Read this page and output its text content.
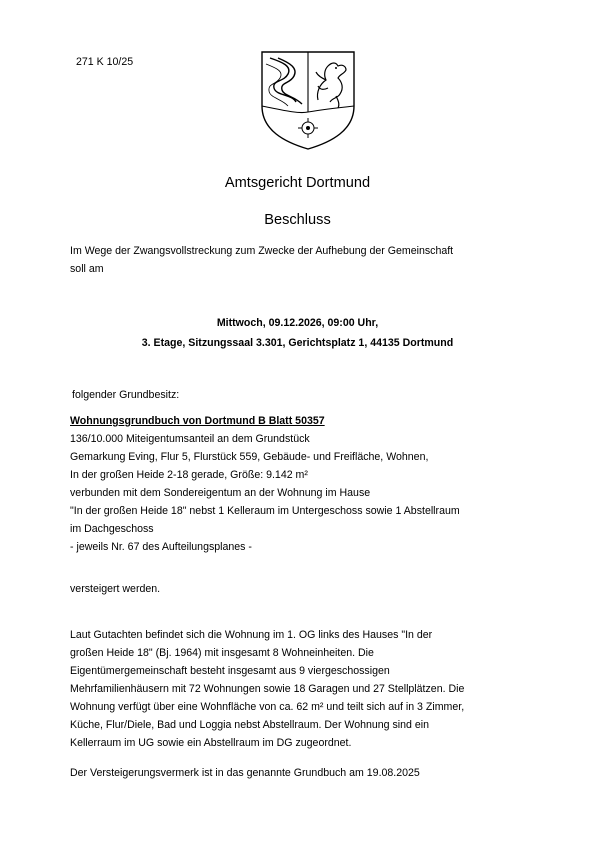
271 K 10/25
Amtsgericht Dortmund
Beschluss
Im Wege der Zwangsvollstreckung zum Zwecke der Aufhebung der Gemeinschaft
soll am
Mittwoch, 09.12.2026, 09:00 Uhr,
3. Etage, Sitzungssaal 3.301, Gerichtsplatz 1, 44135 Dortmund
folgender Grundbesitz:
Wohnungsgrundbuch von Dortmund B Blatt 50357
136/10.000 Miteigentumsanteil an dem Grundstück
Gemarkung Eving, Flur 5, Flurstück 559, Gebäude- und Freifläche, Wohnen,
In der großen Heide 2-18 gerade, Größe: 9.142 m²
verbunden mit dem Sondereigentum an der Wohnung im Hause
"In der großen Heide 18" nebst 1 Kelleraum im Untergeschoss sowie 1 Abstellraum
im Dachgeschoss
- jeweils Nr. 67 des Aufteilungsplanes -
versteigert werden.
Laut Gutachten befindet sich die Wohnung im 1. OG links des Hauses "In der
großen Heide 18" (Bj. 1964) mit insgesamt 8 Wohneinheiten. Die
Eigentümergemeinschaft besteht insgesamt aus 9 viergeschossigen
Mehrfamilienhäusern mit 72 Wohnungen sowie 18 Garagen und 27 Stellplätzen. Die
Wohnung verfügt über eine Wohnfläche von ca. 62 m² und teilt sich auf in 3 Zimmer,
Küche, Flur/Diele, Bad und Loggia nebst Abstellraum. Der Wohnung sind ein
Kellerraum im UG sowie ein Abstellraum im DG zugeordnet.
Der Versteigerungsvermerk ist in das genannte Grundbuch am 19.08.2025
